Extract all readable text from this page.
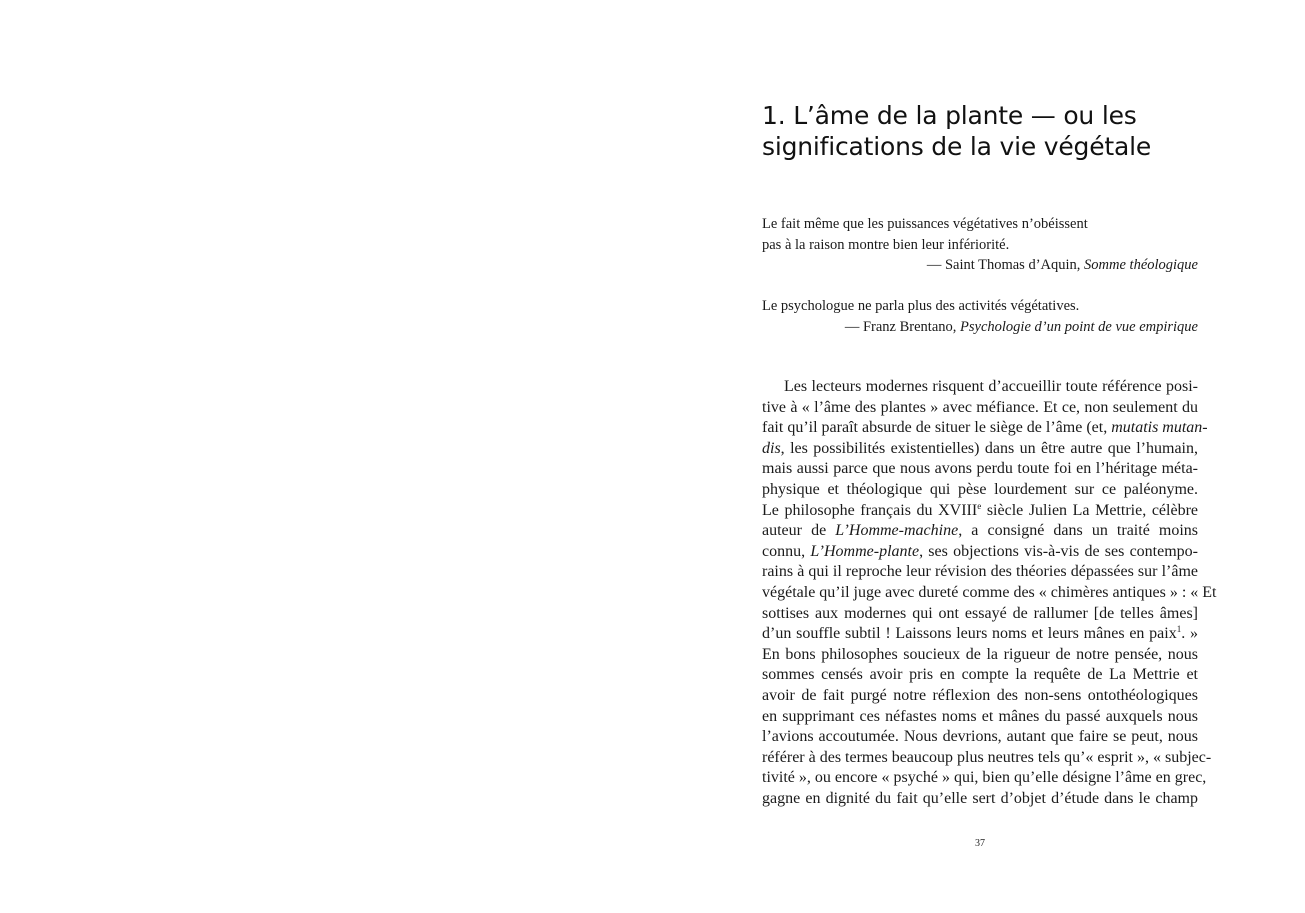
1. L’âme de la plante — ou les
significations de la vie végétale
Le fait même que les puissances végétatives n’obéissent
pas à la raison montre bien leur infériorité.
— Saint Thomas d’Aquin, Somme théologique
Le psychologue ne parla plus des activités végétatives.
— Franz Brentano, Psychologie d’un point de vue empirique
Les lecteurs modernes risquent d’accueillir toute référence posi-
tive à « l’âme des plantes » avec méfiance. Et ce, non seulement du
fait qu’il paraît absurde de situer le siège de l’âme (et, mutatis mutan-
dis, les possibilités existentielles) dans un être autre que l’humain,
mais aussi parce que nous avons perdu toute foi en l’héritage méta-
physique et théologique qui pèse lourdement sur ce paléonyme.
Le philosophe français du XVIIIe siècle Julien La Mettrie, célèbre
auteur de L’Homme-machine, a consigné dans un traité moins
connu, L’Homme-plante, ses objections vis-à-vis de ses contempo-
rains à qui il reproche leur révision des théories dépassées sur l’âme
végétale qu’il juge avec dureté comme des « chimères antiques » : « Et
sottises aux modernes qui ont essayé de rallumer [de telles âmes]
d’un souffle subtil ! Laissons leurs noms et leurs mânes en paix$^1$. »
En bons philosophes soucieux de la rigueur de notre pensée, nous
sommes censés avoir pris en compte la requête de La Mettrie et
avoir de fait purgé notre réflexion des non-sens ontothéologiques
en supprimant ces néfastes noms et mânes du passé auxquels nous
l’avions accoutumée. Nous devrions, autant que faire se peut, nous
référer à des termes beaucoup plus neutres tels qu’« esprit », « subjec-
tivité », ou encore « psyché » qui, bien qu’elle désigne l’âme en grec,
gagne en dignité du fait qu’elle sert d’objet d’étude dans le champ
37
